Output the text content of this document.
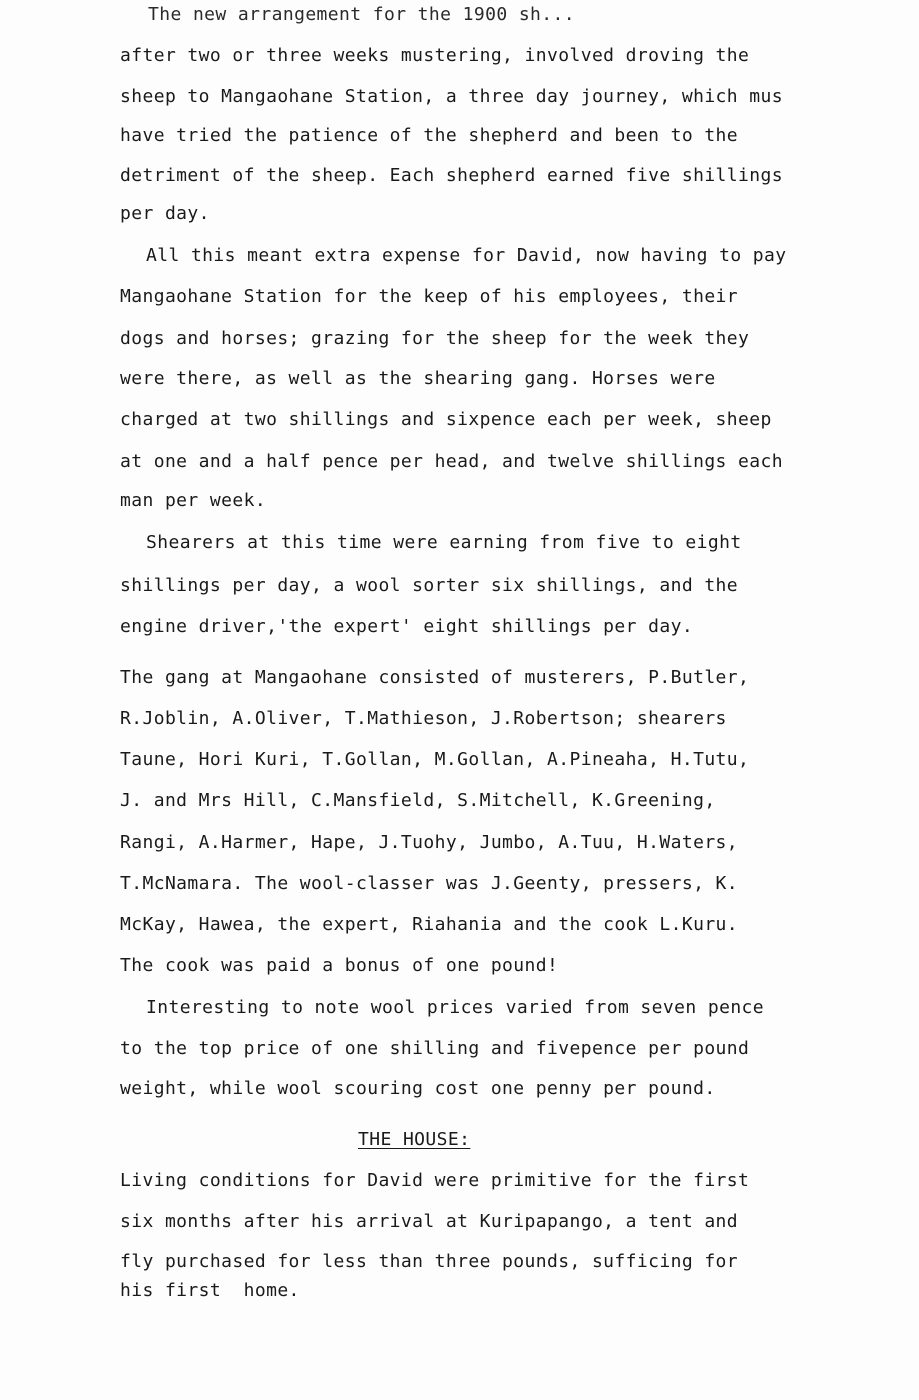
The new arrangement for the 1900 sh...
after two or three weeks mustering, involved droving the
sheep to Mangaohane Station, a three day journey, which mus
have tried the patience of the shepherd and been to the
detriment of the sheep. Each shepherd earned five shillings
per day.
All this meant extra expense for David, now having to pay
Mangaohane Station for the keep of his employees, their
dogs and horses; grazing for the sheep for the week they
were there, as well as the shearing gang. Horses were
charged at two shillings and sixpence each per week, sheep
at one and a half pence per head, and twelve shillings each
man per week.
Shearers at this time were earning from five to eight
shillings per day, a wool sorter six shillings, and the
engine driver,'the expert' eight shillings per day.
The gang at Mangaohane consisted of musterers, P.Butler,
R.Joblin, A.Oliver, T.Mathieson, J.Robertson; shearers
Taune, Hori Kuri, T.Gollan, M.Gollan, A.Pineaha, H.Tutu,
J. and Mrs Hill, C.Mansfield, S.Mitchell, K.Greening,
Rangi, A.Harmer, Hape, J.Tuohy, Jumbo, A.Tuu, H.Waters,
T.McNamara. The wool-classer was J.Geenty, pressers, K.
McKay, Hawea, the expert, Riahania and the cook L.Kuru.
The cook was paid a bonus of one pound!
Interesting to note wool prices varied from seven pence
to the top price of one shilling and fivepence per pound
weight, while wool scouring cost one penny per pound.
THE HOUSE:
Living conditions for David were primitive for the first
six months after his arrival at Kuripapango, a tent and
fly purchased for less than three pounds, sufficing for
his first  home.
